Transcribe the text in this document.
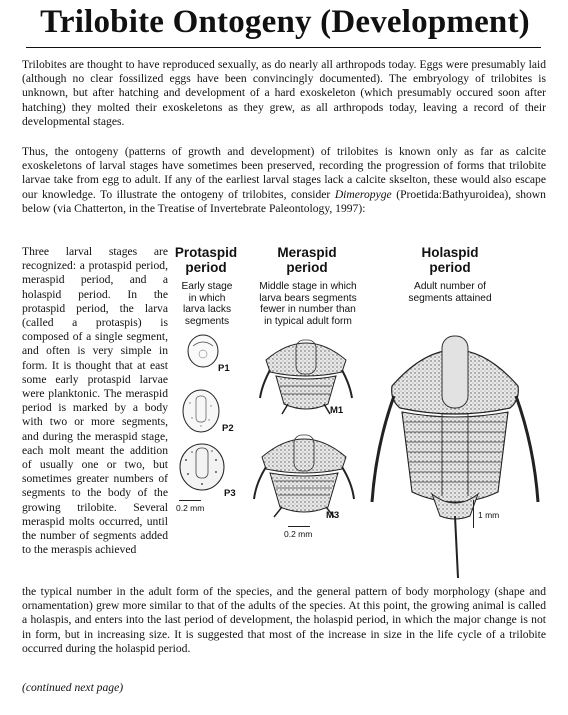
Trilobite Ontogeny (Development)

Trilobites are thought to have reproduced sexually, as do nearly all arthropods today. Eggs were presumably laid (although no clear fossilized eggs have been convincingly documented). The embryology of trilobites is unknown, but after hatching and development of a hard exoskeleton (which presumably occured soon after hatching) they molted their exoskeletons as they grew, as all arthropods today, leaving a record of their developmental stages.

Thus, the ontogeny (patterns of growth and development) of trilobites is known only as far as calcite exoskeletons of larval stages have sometimes been preserved, recording the progression of forms that trilobite larvae take from egg to adult. If any of the earliest larval stages lack a calcite skselton, these would also escape our knowledge. To illustrate the ontogeny of trilobites, consider Dimeropyge (Proetida:Bathyuroidea), shown below (via Chatterton, in the Treatise of Invertebrate Paleontology, 1997):

Three larval stages are recognized: a protaspid period, meraspid period, and a holaspid period. In the protaspid period, the larva (called a protaspis) is composed of a single segment, and often is very simple in form. It is thought that at east some early protaspid larvae were planktonic. The meraspid period is marked by a body with two or more segments, and during the meraspid stage, each molt meant the addition of usually one or two, but sometimes greater numbers of segments to the body of the growing trilobite. Several meraspid molts occurred, until the number of segments added to the meraspis achieved

Protaspid
period
Early stage
in which
larva lacks
segments
Meraspid
period
Middle stage in which
larva bears segments
fewer in number than
in typical adult form
Holaspid
period
Adult number of
segments attained
P1
P2
P3
0.2 mm
M1
M3
0.2 mm
1 mm

the typical number in the adult form of the species, and the general pattern of body morphology (shape and ornamentation) grew more similar to that of the adults of the species. At this point, the growing animal is called a holaspis, and enters into the last period of development, the holaspid period, in which the major change is not in form, but in increasing size. It is suggested that most of the increase in size in the life cycle of a trilobite occurred during the holaspid period.

(continued next page)
